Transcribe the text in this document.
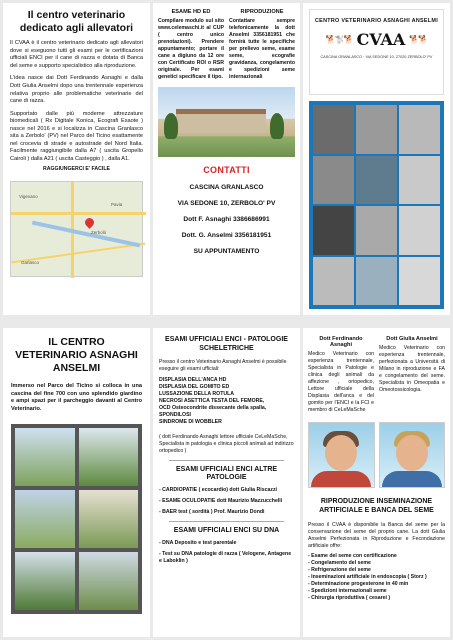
Il centro veterinario dedicato agli allevatori

Il CVAA è il centro veterinario dedicato agli allevatori dove si eseguono tutti gli esami per le certificazioni ufficiali ENCI per il cane di razza e dotata di Banca del seme e supporto specialistico alla riproduzione.

L'idea nasce dai Dott Ferdinando Asnaghi e dalla Dott Giulia Anselmi dopo una trentennale esperienza relativa proprio alle problematiche veterinarie del cane di razza.

Supportato dalle più moderne attrezzature biomedicali ( Rx Digitale Konica, Ecografi Esaote ) nasce nel 2016 e si localizza in Cascina Granlasco sita a Zerbolo' (PV) nel Parco del Ticino esattamente nel crocevia di strade e autostrade del Nord Italia. Facilmente raggiungibile dalla A7 ( uscita Gropello Cairoli ) dalla A21 ( uscita Casteggio ) , dalla A1.

RAGGIUNGERCI E' FACILE
Pavia
Zerbolò
Garlasco
Vigevano
ESAME HD ED
Compilare modulo sul sito www.celemaschi.it al CUP ( centro unico prenotazioni). Prendere appuntamento; portare il cane a digiuno da 12 ore con Certificato ROI o RSR originale. Per esami genetici specificare il tipo.
RIPRODUZIONE
Contattare sempre telefonicamente la dott Anselmi 3356181951 che fornirà tutte le specifiche per prelievo seme, esame seme, ecografie gravidanza, congelamento e spedizioni seme internazionali
CONTATTI
CASCINA GRANLASCO
VIA SEDONE 10, ZERBOLO' PV
Dott F. Asnaghi 3386686991
Dott. G. Anselmi 3356181951
SU APPUNTAMENTO
CENTRO VETERINARIO ASNAGHI ANSELMI
🐕🐩🐕 CVAA 🐕🐕
CASCINA GRANLASCO · VIA SEDONE 10, 27020 ZERBOLO' PV
IL CENTRO VETERINARIO ASNAGHI ANSELMI

Immerso nel Parco del Ticino si colloca in una cascina del fine 700 con uno splendido giardino e ampi spazi per il parcheggio davanti al Centro Veterinario.

ESAMI UFFICIALI ENCI - PATOLOGIE SCHELETRICHE
Presso il centro Veterinario Asnaghi Anselmi è possibile eseguire gli esami ufficiali:
DISPLASIA DELL'ANCA HD
DISPLASIA DEL GOMITO ED
LUSSAZIONE DELLA ROTULA
NECROSI ASETTICA TESTA DEL FEMORE,
OCD Osteocondrite dissecante della spalla,
SPONDILOSI
SINDROME DI WOBBLER
( dott Ferdinando Asnaghi lettore ufficiale CeLeMaSche, Specialista in patologia e clinica piccoli animali ad indirizzo ortopedico )
ESAMI UFFICIALI ENCI ALTRE PATOLOGIE
- CARDIOPATIE ( ecocardio) dott Giulia Riscazzi
- ESAME OCULOPATIE dott Maurizio Mazzucchelli
- BAER test ( sordità ) Prof. Maurizio Dondi
ESAMI UFFICIALI ENCI SU DNA
- DNA Deposito e test parentale
- Test su DNA patologie di razza ( Velogene, Antagene e Laboklin )
Dott Ferdinando Asnaghi
Medico Veterinario con esperienza trentennale, Specialista in Patologie e clinica degli animali da affezione , ortopedico, Lettore ufficiale della Displasia dell'anca e del gomito per l'ENCI e la FCI e membro di CeLeMaSche
Dott Giulia Anselmi
Medico Veterinario con esperienza trentennale, perfezionata a Università di Milano in riproduzione e FA e congelamento del seme. Specialista in Omeopatia e Omeotossicologia.
RIPRODUZIONE INSEMINAZIONE ARTIFICIALE E BANCA DEL SEME
Presso il CVAA è disponibile la Banca del seme per la conservazione del seme del proprio cane. La dott Giulia Anselmi Perfezionata in Riproduzione e Fecondazione artificiale offre:
- Esame del seme con certificazione
- Congelamento del seme
- Refrigerazione del seme
- Inseminazioni artificiale in endoscopia ( Storz )
- Determinazione progesterone in 40 min
- Spedizioni internazionali seme
- Chirurgia riproduttiva ( cesarei )
